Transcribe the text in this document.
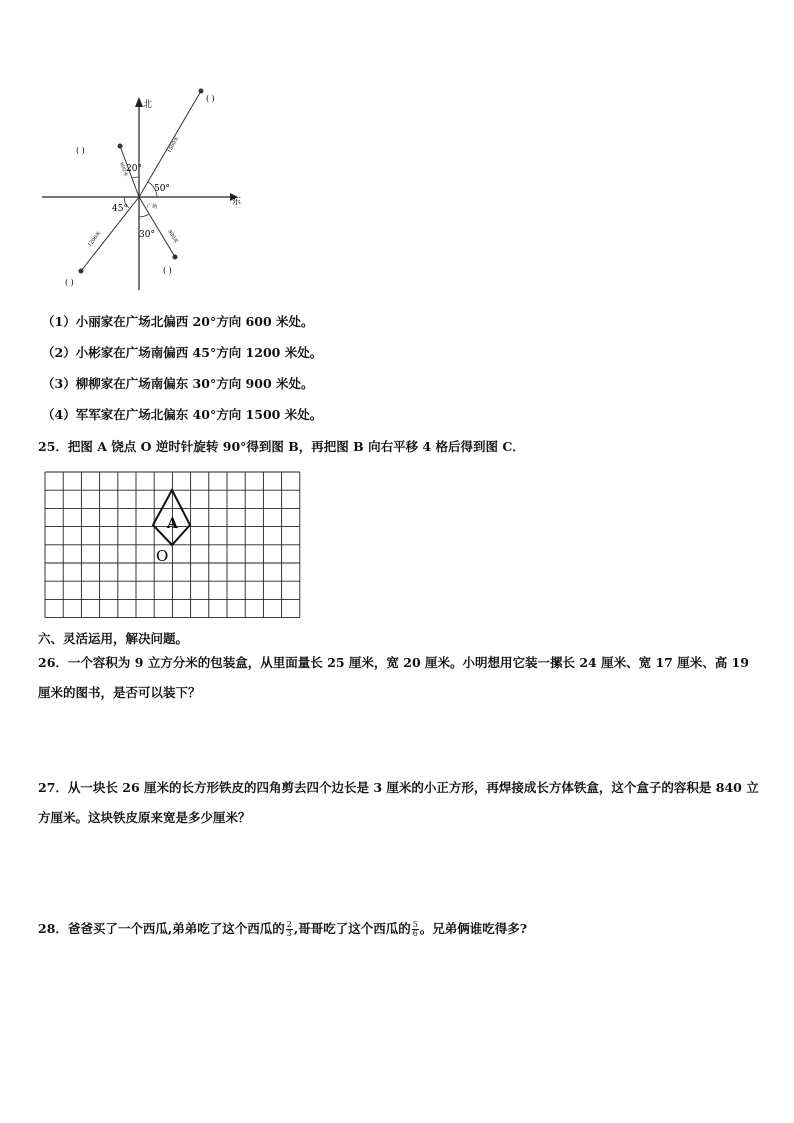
北
东
20°
50°
45°
30°
广场
1500米
600米
1200米	900米
( )
( )
( )
( )
（1）小丽家在广场北偏西 20°方向 600 米处。
（2）小彬家在广场南偏西 45°方向 1200 米处。
（3）柳柳家在广场南偏东 30°方向 900 米处。
（4）军军家在广场北偏东 40°方向 1500 米处。
25．把图 A 饶点 O 逆时针旋转 90°得到图 B，再把图 B 向右平移 4 格后得到图 C．
A
O
六、灵活运用，解决问题。
26．一个容积为 9 立方分米的包装盒，从里面量长 25 厘米，宽 20 厘米。小明想用它装一摞长 24 厘米、宽 17 厘米、高 19 厘米的图书，是否可以装下？
27．从一块长 26 厘米的长方形铁皮的四角剪去四个边长是 3 厘米的小正方形，再焊接成长方体铁盒，这个盒子的容积是 840 立方厘米。这块铁皮原来宽是多少厘米？
28．爸爸买了一个西瓜,弟弟吃了这个西瓜的 $\frac{2}{3}$ ,哥哥吃了这个西瓜的 $\frac{5}{6}$ 。兄弟俩谁吃得多?
